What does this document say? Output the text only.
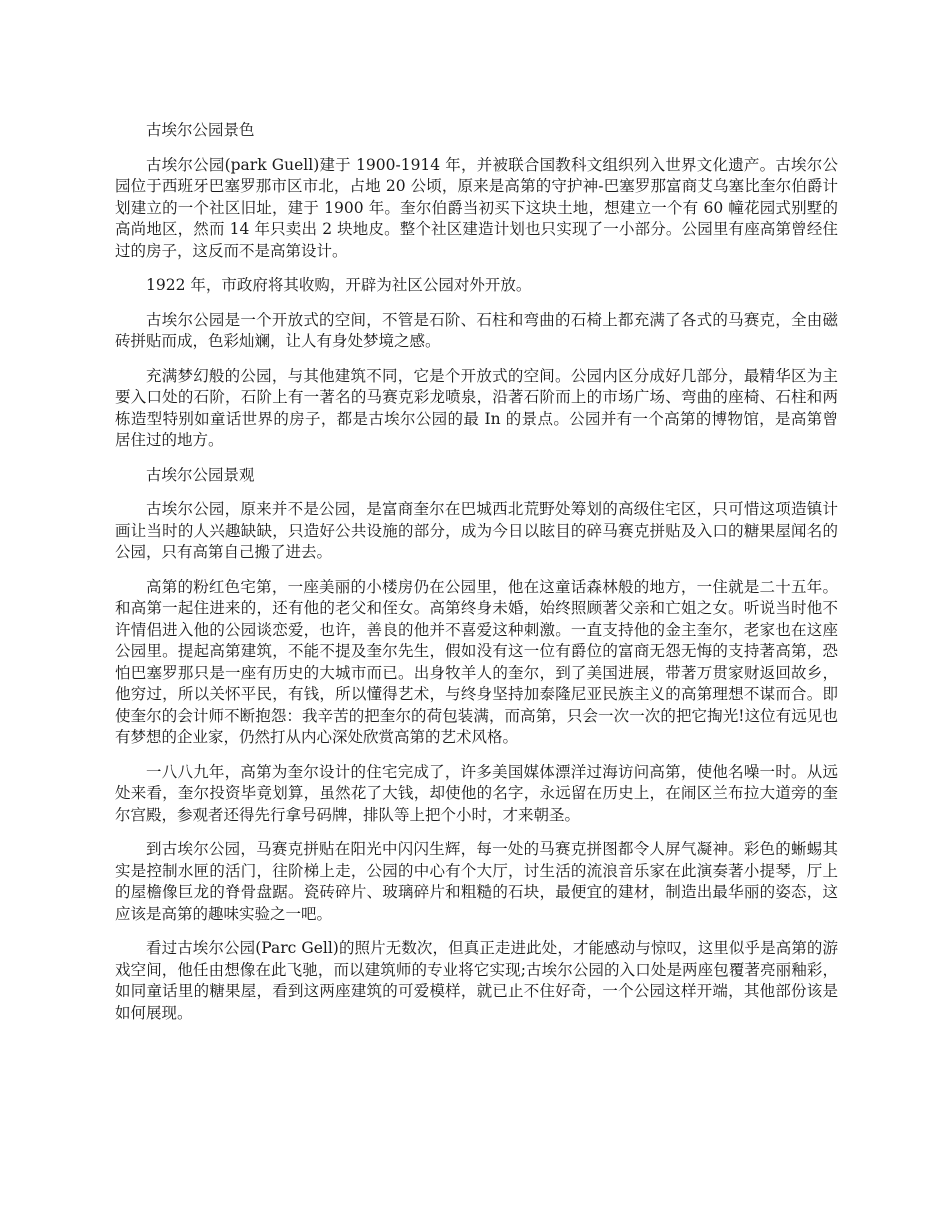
古埃尔公园景色

古埃尔公园(park Guell)建于 1900-1914 年，并被联合国教科文组织列入世界文化遗产。古埃尔公园位于西班牙巴塞罗那市区市北，占地 20 公顷，原来是高第的守护神-巴塞罗那富商艾乌塞比奎尔伯爵计划建立的一个社区旧址，建于 1900 年。奎尔伯爵当初买下这块土地，想建立一个有 60 幢花园式别墅的高尚地区，然而 14 年只卖出 2 块地皮。整个社区建造计划也只实现了一小部分。公园里有座高第曾经住过的房子，这反而不是高第设计。

1922 年，市政府将其收购，开辟为社区公园对外开放。

古埃尔公园是一个开放式的空间，不管是石阶、石柱和弯曲的石椅上都充满了各式的马赛克，全由磁砖拼贴而成，色彩灿斓，让人有身处梦境之感。

充满梦幻般的公园，与其他建筑不同，它是个开放式的空间。公园内区分成好几部分，最精华区为主要入口处的石阶，石阶上有一著名的马赛克彩龙喷泉，沿著石阶而上的市场广场、弯曲的座椅、石柱和两栋造型特别如童话世界的房子，都是古埃尔公园的最 In 的景点。公园并有一个高第的博物馆，是高第曾居住过的地方。

古埃尔公园景观

古埃尔公园，原来并不是公园，是富商奎尔在巴城西北荒野处筹划的高级住宅区，只可惜这项造镇计画让当时的人兴趣缺缺，只造好公共设施的部分，成为今日以眩目的碎马赛克拼贴及入口的糖果屋闻名的公园，只有高第自己搬了进去。

高第的粉红色宅第，一座美丽的小楼房仍在公园里，他在这童话森林般的地方，一住就是二十五年。和高第一起住进来的，还有他的老父和侄女。高第终身未婚，始终照顾著父亲和亡姐之女。听说当时他不许情侣进入他的公园谈恋爱，也许，善良的他并不喜爱这种刺激。一直支持他的金主奎尔，老家也在这座公园里。提起高第建筑，不能不提及奎尔先生，假如没有这一位有爵位的富商无怨无悔的支持著高第，恐怕巴塞罗那只是一座有历史的大城市而已。出身牧羊人的奎尔，到了美国进展，带著万贯家财返回故乡，他穷过，所以关怀平民，有钱，所以懂得艺术，与终身坚持加泰隆尼亚民族主义的高第理想不谋而合。即使奎尔的会计师不断抱怨：我辛苦的把奎尔的荷包装满，而高第，只会一次一次的把它掏光!这位有远见也有梦想的企业家，仍然打从内心深处欣赏高第的艺术风格。

一八八九年，高第为奎尔设计的住宅完成了，许多美国媒体漂洋过海访问高第，使他名噪一时。从远处来看，奎尔投资毕竟划算，虽然花了大钱，却使他的名字，永远留在历史上，在闹区兰布拉大道旁的奎尔宫殿，参观者还得先行拿号码牌，排队等上把个小时，才来朝圣。

到古埃尔公园，马赛克拼贴在阳光中闪闪生辉，每一处的马赛克拼图都令人屏气凝神。彩色的蜥蜴其实是控制水匣的活门，往阶梯上走，公园的中心有个大厅，讨生活的流浪音乐家在此演奏著小提琴，厅上的屋檐像巨龙的脊骨盘踞。瓷砖碎片、玻璃碎片和粗糙的石块，最便宜的建材，制造出最华丽的姿态，这应该是高第的趣味实验之一吧。

看过古埃尔公园(Parc Gell)的照片无数次，但真正走进此处，才能感动与惊叹，这里似乎是高第的游戏空间，他任由想像在此飞驰，而以建筑师的专业将它实现;古埃尔公园的入口处是两座包覆著亮丽釉彩，如同童话里的糖果屋，看到这两座建筑的可爱模样，就已止不住好奇，一个公园这样开端，其他部份该是如何展现。
